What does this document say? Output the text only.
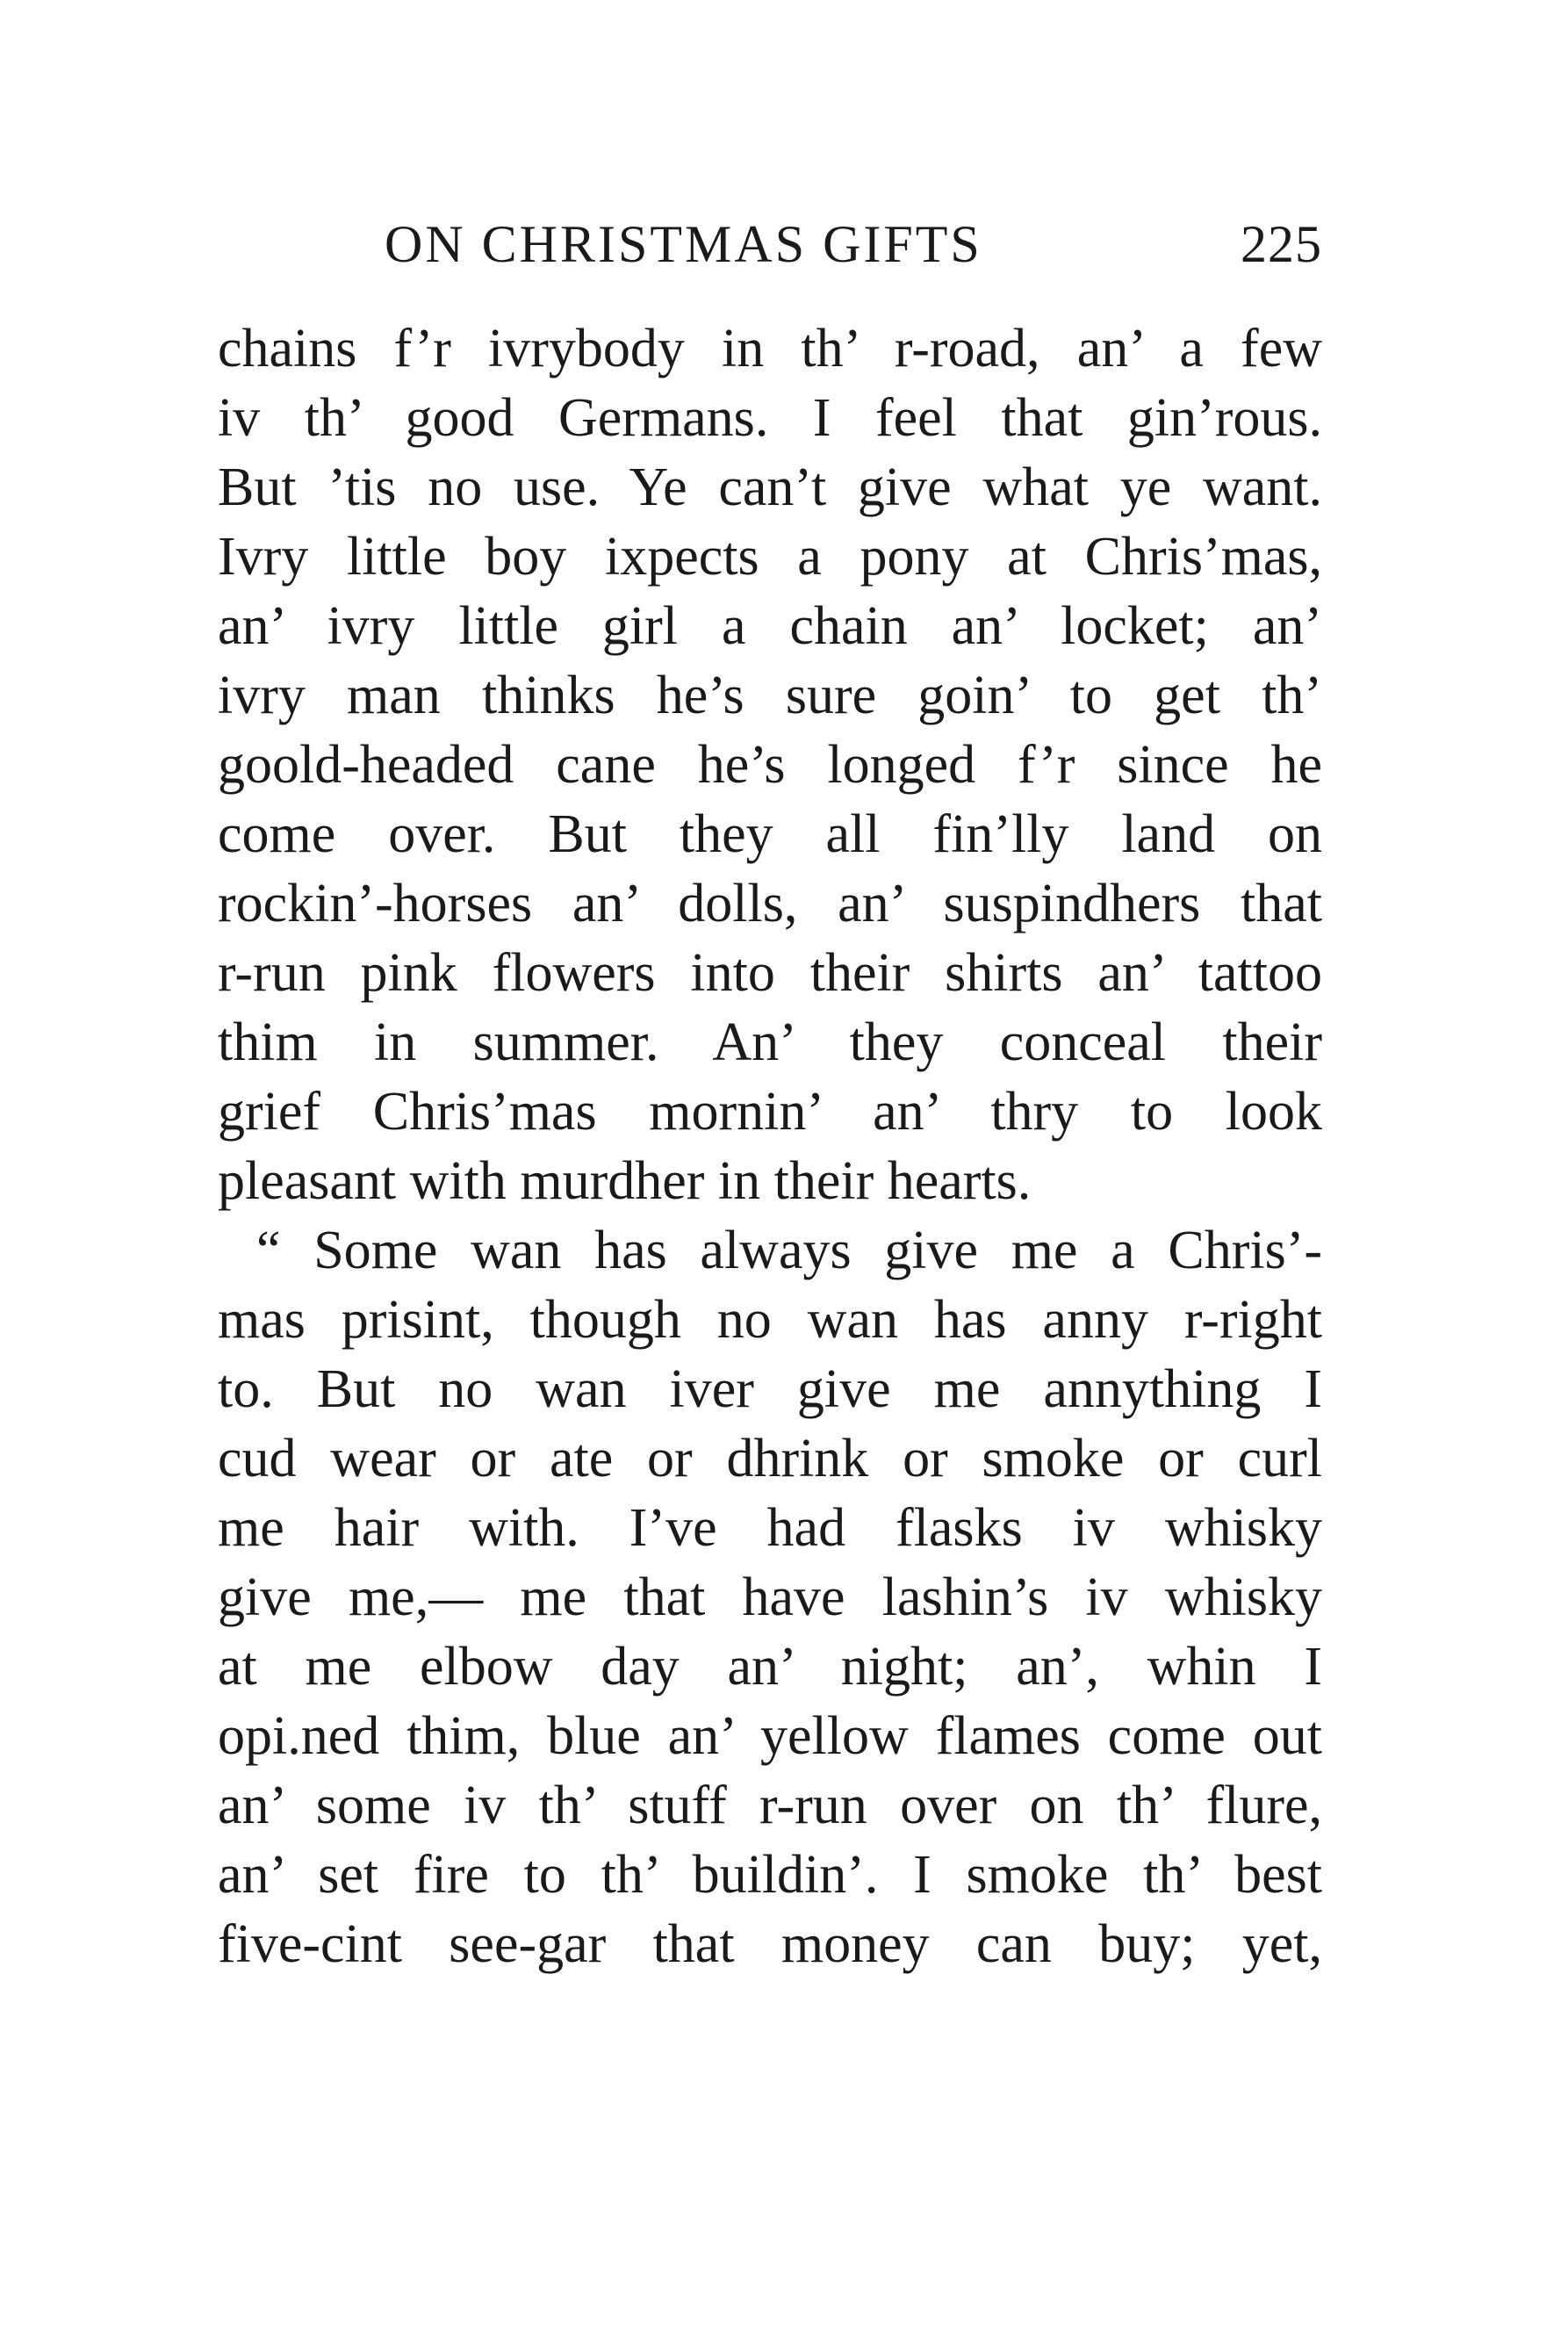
ON CHRISTMAS GIFTS	225
chains f’r ivrybody in th’ r-road, an’ a few
iv th’ good Germans. I feel that gin’rous.
But ’tis no use. Ye can’t give what ye want.
Ivry little boy ixpects a pony at Chris’mas,
an’ ivry little girl a chain an’ locket; an’
ivry man thinks he’s sure goin’ to get th’
goold-headed cane he’s longed f’r since he
come over. But they all fin’lly land on
rockin’-horses an’ dolls, an’ suspindhers that
r-run pink flowers into their shirts an’ tattoo
thim in summer. An’ they conceal their
grief Chris’mas mornin’ an’ thry to look
pleasant with murdher in their hearts.
“ Some wan has always give me a Chris’-
mas prisint, though no wan has anny r-right
to. But no wan iver give me annything I
cud wear or ate or dhrink or smoke or curl
me hair with. I’ve had flasks iv whisky
give me,— me that have lashin’s iv whisky
at me elbow day an’ night; an’, whin I
opi.ned thim, blue an’ yellow flames come out
an’ some iv th’ stuff r-run over on th’ flure,
an’ set fire to th’ buildin’. I smoke th’ best
five-cint see-gar that money can buy; yet,
